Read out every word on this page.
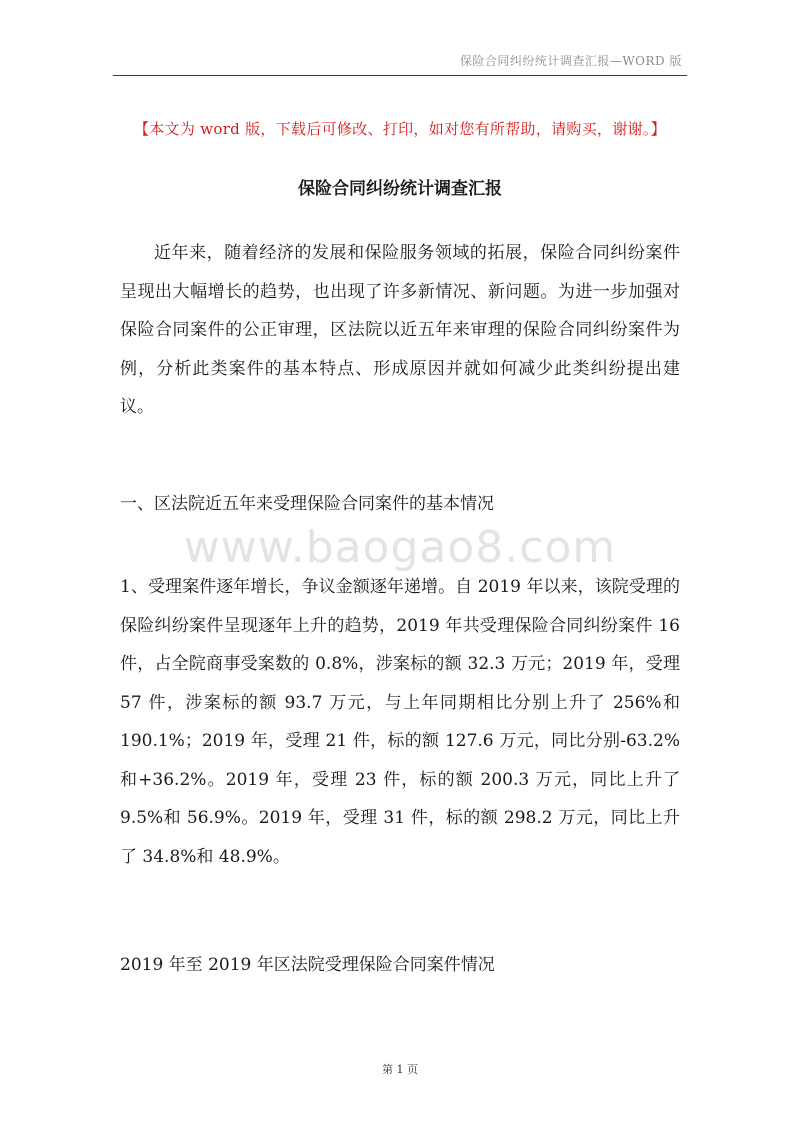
保险合同纠纷统计调查汇报—WORD 版
【本文为 word 版，下载后可修改、打印，如对您有所帮助，请购买，谢谢。】
保险合同纠纷统计调查汇报

近年来，随着经济的发展和保险服务领域的拓展，保险合同纠纷案件呈现出大幅增长的趋势，也出现了许多新情况、新问题。为进一步加强对保险合同案件的公正审理，区法院以近五年来审理的保险合同纠纷案件为例，分析此类案件的基本特点、形成原因并就如何减少此类纠纷提出建议。

一、区法院近五年来受理保险合同案件的基本情况

www.baogao8.com

1、受理案件逐年增长，争议金额逐年递增。自 2019 年以来，该院受理的保险纠纷案件呈现逐年上升的趋势，2019 年共受理保险合同纠纷案件 16 件，占全院商事受案数的 0.8%，涉案标的额 32.3 万元；2019 年，受理 57 件，涉案标的额 93.7 万元，与上年同期相比分别上升了 256%和 190.1%；2019 年，受理 21 件，标的额 127.6 万元，同比分别-63.2%和+36.2%。2019 年，受理 23 件，标的额 200.3 万元，同比上升了 9.5%和 56.9%。2019 年，受理 31 件，标的额 298.2 万元，同比上升了 34.8%和 48.9%。

2019 年至 2019 年区法院受理保险合同案件情况

第 1 页
